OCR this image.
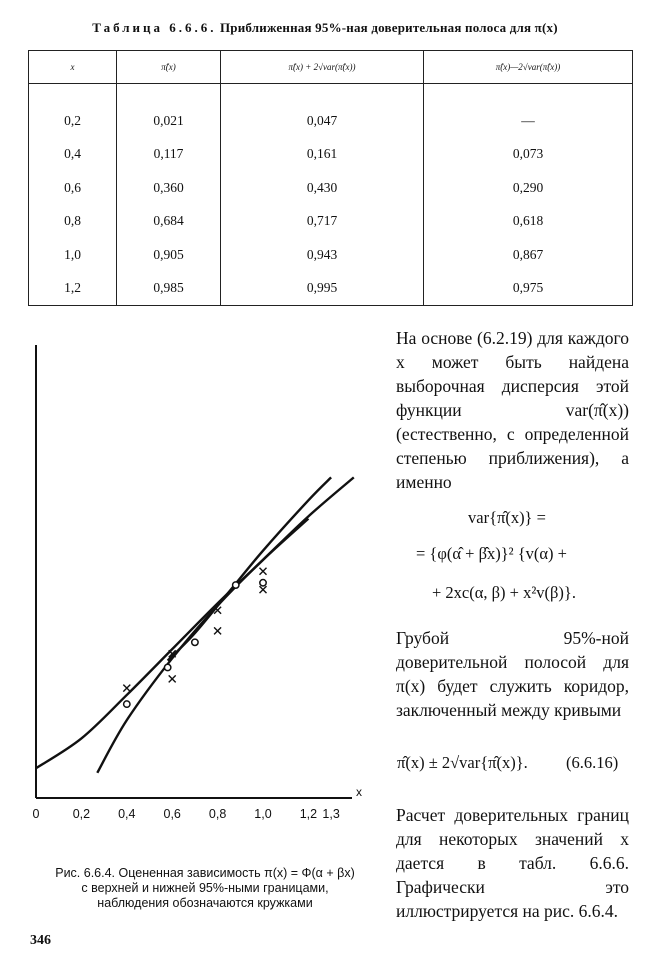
Таблица 6.6.6. Приближенная 95%-ная доверительная полоса для π(x)
x	π̂(x)	π̂(x) + 2√var(π̂(x))	π̂(x)—2√var(π̂(x))

0,2	0,021	0,047	—
0,4	0,117	0,161	0,073
0,6	0,360	0,430	0,290
0,8	0,684	0,717	0,618
1,0	0,905	0,943	0,867
1,2	0,985	0,995	0,975
0	0,2 0,4 0,6 0,8 1,0 1,2 1,3
x
Рис. 6.6.4. Оцененная зависимость π(x) = Φ(α + βx)
с верхней и нижней 95%-ными границами,
наблюдения обозначаются кружками
На основе (6.2.19) для каждого x может быть найдена выборочная дисперсия этой функции var(π̂(x)) (естественно, с определенной степенью приближения), а именно
var{π̂(x)} =
= {φ(α̂ + β̂x)}² {v(α) +
+ 2xc(α, β) + x²v(β)}.
Грубой 95%-ной доверительной полосой для π(x) будет служить коридор, заключенный между кривыми
π̂(x) ± 2√var{π̂(x)}. (6.6.16)
Расчет доверительных границ для некоторых значений x дается в табл. 6.6.6. Графически это иллюстрируется на рис. 6.6.4.
346
